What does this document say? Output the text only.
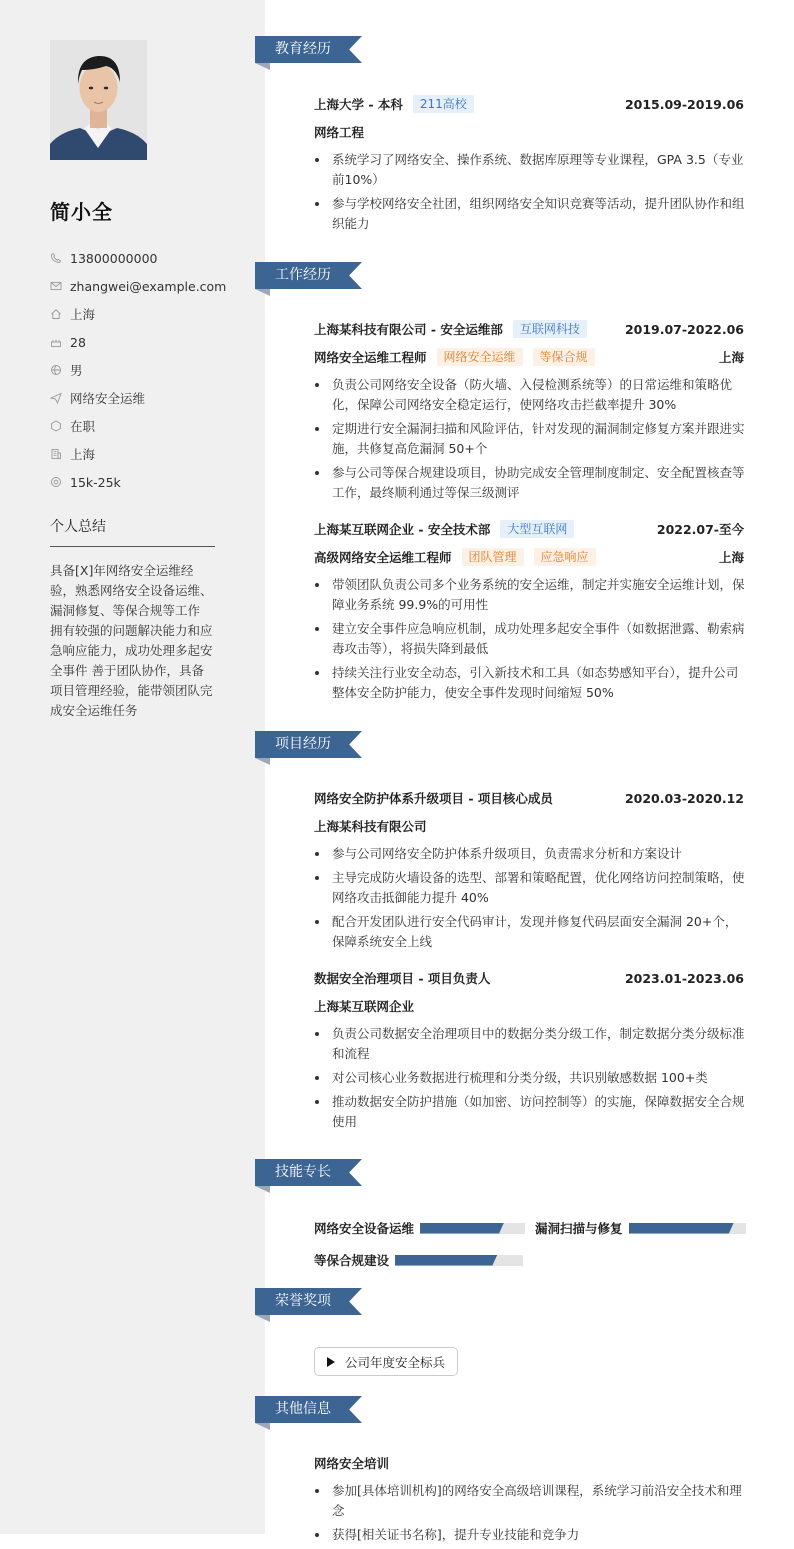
简小全
13800000000
zhangwei@example.com
上海
28
男
网络安全运维
在职
上海
15k-25k
个人总结
具备[X]年网络安全运维经验，熟悉网络安全设备运维、漏洞修复、等保合规等工作 拥有较强的问题解决能力和应急响应能力，成功处理多起安全事件 善于团队协作，具备项目管理经验，能带领团队完成安全运维任务
教育经历
上海大学 - 本科	211高校	2015.09-2019.06
网络工程
系统学习了网络安全、操作系统、数据库原理等专业课程，GPA 3.5（专业前10%）
参与学校网络安全社团，组织网络安全知识竞赛等活动，提升团队协作和组织能力
工作经历
上海某科技有限公司 - 安全运维部	互联网科技	2019.07-2022.06
网络安全运维工程师	网络安全运维	等保合规	上海
负责公司网络安全设备（防火墙、入侵检测系统等）的日常运维和策略优化，保障公司网络安全稳定运行，使网络攻击拦截率提升 30%
定期进行安全漏洞扫描和风险评估，针对发现的漏洞制定修复方案并跟进实施，共修复高危漏洞 50+个
参与公司等保合规建设项目，协助完成安全管理制度制定、安全配置核查等工作，最终顺利通过等保三级测评
上海某互联网企业 - 安全技术部	大型互联网	2022.07-至今
高级网络安全运维工程师	团队管理	应急响应	上海
带领团队负责公司多个业务系统的安全运维，制定并实施安全运维计划，保障业务系统 99.9%的可用性
建立安全事件应急响应机制，成功处理多起安全事件（如数据泄露、勒索病毒攻击等），将损失降到最低
持续关注行业安全动态，引入新技术和工具（如态势感知平台），提升公司整体安全防护能力，使安全事件发现时间缩短 50%
项目经历
网络安全防护体系升级项目 - 项目核心成员	2020.03-2020.12
上海某科技有限公司
参与公司网络安全防护体系升级项目，负责需求分析和方案设计
主导完成防火墙设备的选型、部署和策略配置，优化网络访问控制策略，使网络攻击抵御能力提升 40%
配合开发团队进行安全代码审计，发现并修复代码层面安全漏洞 20+个，保障系统安全上线
数据安全治理项目 - 项目负责人	2023.01-2023.06
上海某互联网企业
负责公司数据安全治理项目中的数据分类分级工作，制定数据分类分级标准和流程
对公司核心业务数据进行梳理和分类分级，共识别敏感数据 100+类
推动数据安全防护措施（如加密、访问控制等）的实施，保障数据安全合规使用
技能专长
网络安全设备运维	漏洞扫描与修复
等保合规建设
荣誉奖项
公司年度安全标兵
其他信息
网络安全培训
参加[具体培训机构]的网络安全高级培训课程，系统学习前沿安全技术和理念
获得[相关证书名称]，提升专业技能和竞争力
